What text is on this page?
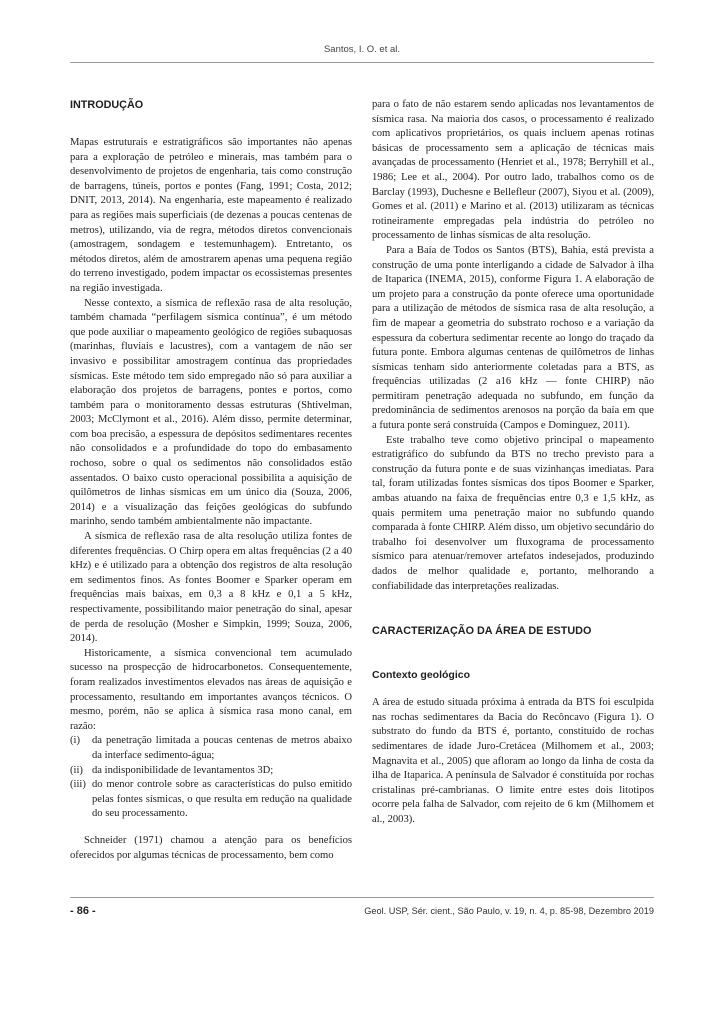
Santos, I. O. et al.
INTRODUÇÃO

Mapas estruturais e estratigráficos são importantes não apenas para a exploração de petróleo e minerais, mas também para o desenvolvimento de projetos de engenharia, tais como construção de barragens, túneis, portos e pontes (Fang, 1991; Costa, 2012; DNIT, 2013, 2014). Na engenharia, este mapeamento é realizado para as regiões mais superficiais (de dezenas a poucas centenas de metros), utilizando, via de regra, métodos diretos convencionais (amostragem, sondagem e testemunhagem). Entretanto, os métodos diretos, além de amostrarem apenas uma pequena região do terreno investigado, podem impactar os ecossistemas presentes na região investigada.

Nesse contexto, a sísmica de reflexão rasa de alta resolução, também chamada “perfilagem sísmica contínua”, é um método que pode auxiliar o mapeamento geológico de regiões subaquosas (marinhas, fluviais e lacustres), com a vantagem de não ser invasivo e possibilitar amostragem contínua das propriedades sísmicas. Este método tem sido empregado não só para auxiliar a elaboração dos projetos de barragens, pontes e portos, como também para o monitoramento dessas estruturas (Shtivelman, 2003; McClymont et al., 2016). Além disso, permite determinar, com boa precisão, a espessura de depósitos sedimentares recentes não consolidados e a profundidade do topo do embasamento rochoso, sobre o qual os sedimentos não consolidados estão assentados. O baixo custo operacional possibilita a aquisição de quilômetros de linhas sísmicas em um único dia (Souza, 2006, 2014) e a visualização das feições geológicas do subfundo marinho, sendo também ambientalmente não impactante.

A sísmica de reflexão rasa de alta resolução utiliza fontes de diferentes frequências. O Chirp opera em altas frequências (2 a 40 kHz) e é utilizado para a obtenção dos registros de alta resolução em sedimentos finos. As fontes Boomer e Sparker operam em frequências mais baixas, em 0,3 a 8 kHz e 0,1 a 5 kHz, respectivamente, possibilitando maior penetração do sinal, apesar de perda de resolução (Mosher e Simpkin, 1999; Souza, 2006, 2014).

Historicamente, a sísmica convencional tem acumulado sucesso na prospecção de hidrocarbonetos. Consequentemente, foram realizados investimentos elevados nas áreas de aquisição e processamento, resultando em importantes avanços técnicos. O mesmo, porém, não se aplica à sísmica rasa mono canal, em razão:

(i)	da penetração limitada a poucas centenas de metros abaixo da interface sedimento-água;
(ii) da indisponibilidade de levantamentos 3D;
(iii) do menor controle sobre as características do pulso emitido pelas fontes sísmicas, o que resulta em redução na qualidade do seu processamento.

Schneider (1971) chamou a atenção para os benefícios oferecidos por algumas técnicas de processamento, bem como

para o fato de não estarem sendo aplicadas nos levantamentos de sísmica rasa. Na maioria dos casos, o processamento é realizado com aplicativos proprietários, os quais incluem apenas rotinas básicas de processamento sem a aplicação de técnicas mais avançadas de processamento (Henriet et al., 1978; Berryhill et al., 1986; Lee et al., 2004). Por outro lado, trabalhos como os de Barclay (1993), Duchesne e Bellefleur (2007), Siyou et al. (2009), Gomes et al. (2011) e Marino et al. (2013) utilizaram as técnicas rotineiramente empregadas pela indústria do petróleo no processamento de linhas sísmicas de alta resolução.

Para a Baía de Todos os Santos (BTS), Bahia, está prevista a construção de uma ponte interligando a cidade de Salvador à ilha de Itaparica (INEMA, 2015), conforme Figura 1. A elaboração de um projeto para a construção da ponte oferece uma oportunidade para a utilização de métodos de sísmica rasa de alta resolução, a fim de mapear a geometria do substrato rochoso e a variação da espessura da cobertura sedimentar recente ao longo do traçado da futura ponte. Embora algumas centenas de quilômetros de linhas sísmicas tenham sido anteriormente coletadas para a BTS, as frequências utilizadas (2 a16 kHz — fonte CHIRP) não permitiram penetração adequada no subfundo, em função da predominância de sedimentos arenosos na porção da baía em que a futura ponte será construída (Campos e Dominguez, 2011).

Este trabalho teve como objetivo principal o mapeamento estratigráfico do subfundo da BTS no trecho previsto para a construção da futura ponte e de suas vizinhanças imediatas. Para tal, foram utilizadas fontes sísmicas dos tipos Boomer e Sparker, ambas atuando na faixa de frequências entre 0,3 e 1,5 kHz, as quais permitem uma penetração maior no subfundo quando comparada à fonte CHIRP. Além disso, um objetivo secundário do trabalho foi desenvolver um fluxograma de processamento sísmico para atenuar/remover artefatos indesejados, produzindo dados de melhor qualidade e, portanto, melhorando a confiabilidade das interpretações realizadas.

CARACTERIZAÇÃO DA ÁREA DE ESTUDO
Contexto geológico

A área de estudo situada próxima à entrada da BTS foi esculpida nas rochas sedimentares da Bacia do Recôncavo (Figura 1). O substrato do fundo da BTS é, portanto, constituído de rochas sedimentares de idade Juro-Cretácea (Milhomem et al., 2003; Magnavita et al., 2005) que afloram ao longo da linha de costa da ilha de Itaparica. A península de Salvador é constituída por rochas cristalinas pré-cambrianas. O limite entre estes dois litotipos ocorre pela falha de Salvador, com rejeito de 6 km (Milhomem et al., 2003).

- 86 -	Geol. USP, Sér. cient., São Paulo, v. 19, n. 4, p. 85-98, Dezembro 2019
